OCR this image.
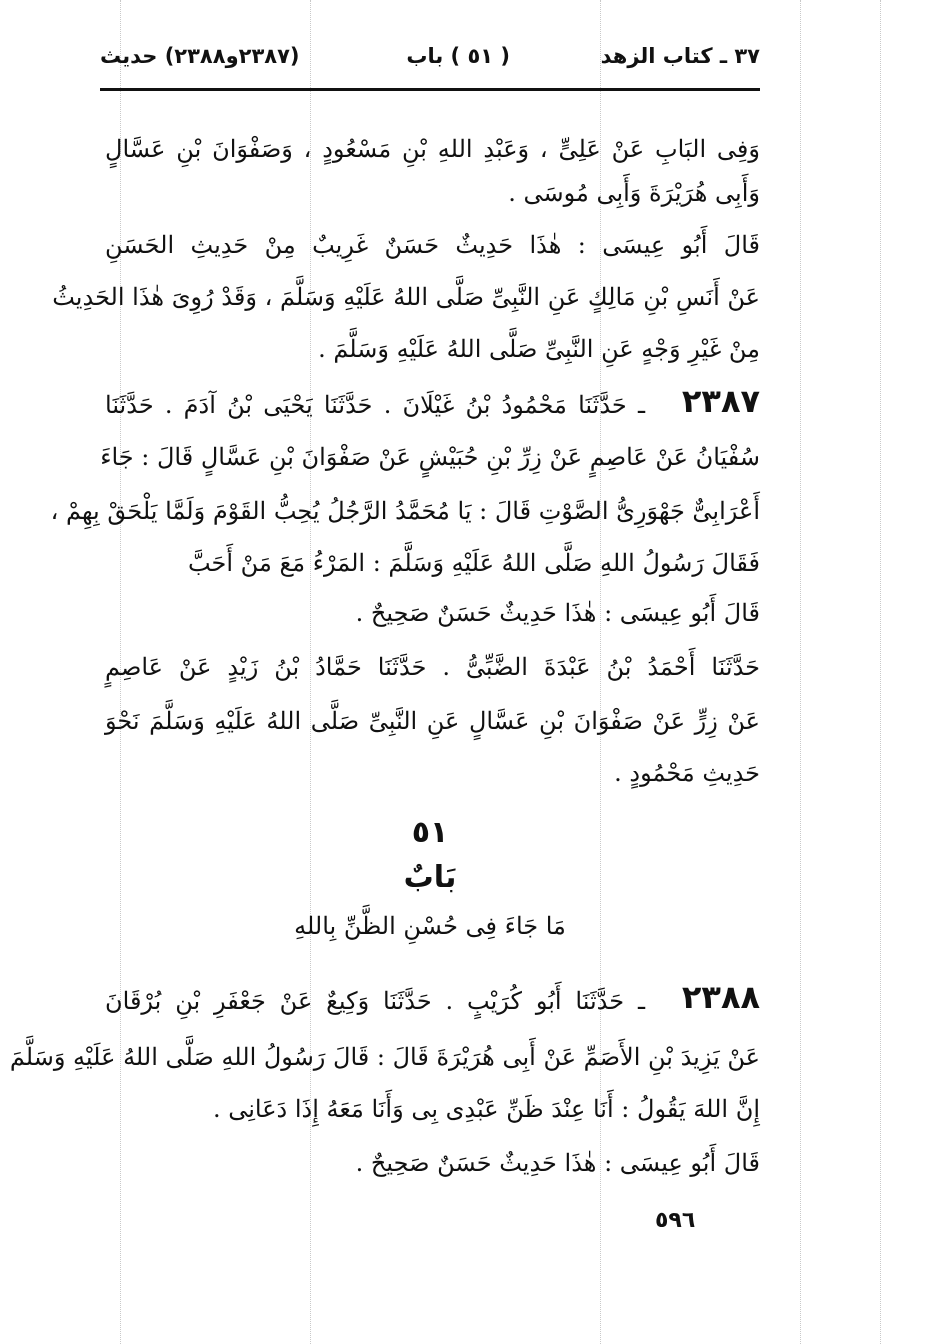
٣٧ ـ كتاب الزهد
( ٥١ ) باب
(٢٣٨٧و٢٣٨٨) حديث
وَفِى البَابِ عَنْ عَلِىٍّ ، وَعَبْدِ اللهِ بْنِ مَسْعُودٍ ، وَصَفْوَانَ بْنِ عَسَّالٍ
وَأَبِى هُرَيْرَةَ وَأَبِى مُوسَى .
قَالَ أَبُو عِيسَى : هٰذَا حَدِيثٌ حَسَنٌ غَرِيبٌ مِنْ حَدِيثِ الحَسَنِ
عَنْ أَنَسِ بْنِ مَالِكٍ عَنِ النَّبِىِّ صَلَّى اللهُ عَلَيْهِ وَسَلَّمَ ، وَقَدْ رُوِىَ هٰذَا الحَدِيثُ
مِنْ غَيْرِ وَجْهٍ عَنِ النَّبِىِّ صَلَّى اللهُ عَلَيْهِ وَسَلَّمَ .
ـ حَدَّثَنَا مَحْمُودُ بْنُ غَيْلَانَ . حَدَّثَنَا يَحْيَى بْنُ آدَمَ . حَدَّثَنَا	٢٣٨٧
سُفْيَانُ عَنْ عَاصِمٍ عَنْ زِرِّ بْنِ حُبَيْشٍ عَنْ صَفْوَانَ بْنِ عَسَّالٍ قَالَ : جَاءَ
أَعْرَابِىٌّ جَهْوَرِىُّ الصَّوْتِ قَالَ : يَا مُحَمَّدُ الرَّجُلُ يُحِبُّ القَوْمَ وَلَمَّا يَلْحَقْ بِهِمْ ،
فَقَالَ رَسُولُ اللهِ صَلَّى اللهُ عَلَيْهِ وَسَلَّمَ : المَرْءُ مَعَ مَنْ أَحَبَّ
قَالَ أَبُو عِيسَى : هٰذَا حَدِيثٌ حَسَنٌ صَحِيحٌ .
حَدَّثَنَا أَحْمَدُ بْنُ عَبْدَةَ الضَّبِّىُّ . حَدَّثَنَا حَمَّادُ بْنُ زَيْدٍ عَنْ عَاصِمٍ
عَنْ زِرٍّ عَنْ صَفْوَانَ بْنِ عَسَّالٍ عَنِ النَّبِىِّ صَلَّى اللهُ عَلَيْهِ وَسَلَّمَ نَحْوَ
حَدِيثِ مَحْمُودٍ .
٥١
بَابٌ
مَا جَاءَ فِى حُسْنِ الظَّنِّ بِاللهِ
ـ حَدَّثَنَا أَبُو كُرَيْبٍ . حَدَّثَنَا وَكِيعٌ عَنْ جَعْفَرِ بْنِ بُرْقَانَ	٢٣٨٨
عَنْ يَزِيدَ بْنِ الأَصَمِّ عَنْ أَبِى هُرَيْرَةَ قَالَ : قَالَ رَسُولُ اللهِ صَلَّى اللهُ عَلَيْهِ وَسَلَّمَ
إِنَّ اللهَ يَقُولُ : أَنَا عِنْدَ ظَنِّ عَبْدِى بِى وَأَنَا مَعَهُ إِذَا دَعَانِى .
قَالَ أَبُو عِيسَى : هٰذَا حَدِيثٌ حَسَنٌ صَحِيحٌ .
٥٩٦
